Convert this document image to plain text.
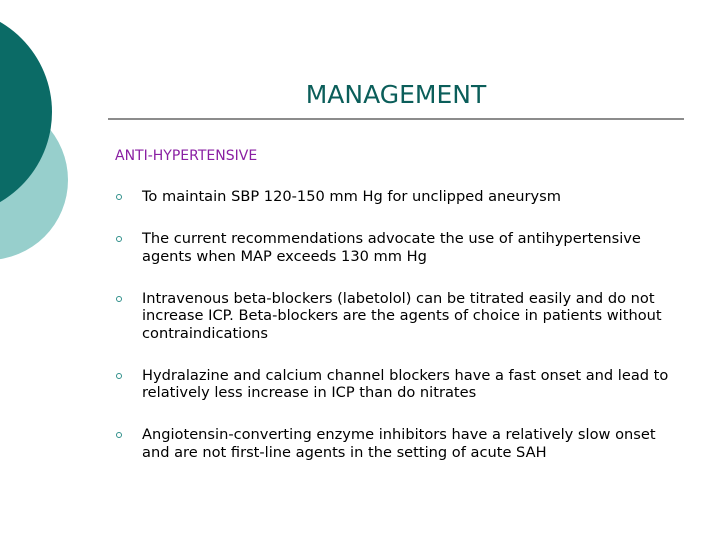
MANAGEMENT
ANTI-HYPERTENSIVE
To maintain SBP 120-150 mm Hg for unclipped aneurysm
The current recommendations advocate the use of antihypertensive agents when MAP exceeds 130 mm Hg
Intravenous beta-blockers (labetolol) can be titrated easily and do not increase ICP. Beta-blockers are the agents of choice in patients without contraindications
Hydralazine and calcium channel blockers have a fast onset and lead to relatively less increase in ICP than do nitrates
Angiotensin-converting enzyme inhibitors have a relatively slow onset and are not first-line agents in the setting of acute SAH
